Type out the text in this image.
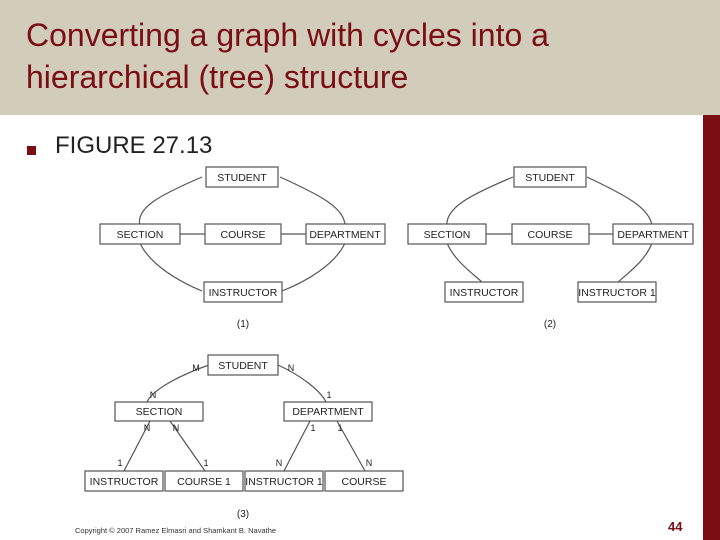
Converting a graph with cycles into a hierarchical (tree) structure
FIGURE 27.13
STUDENT
SECTION	COURSE	DEPARTMENT
INSTRUCTOR
(1)
STUDENT
SECTION	COURSE	DEPARTMENT
INSTRUCTOR	INSTRUCTOR 1
(2)
STUDENT
SECTION	DEPARTMENT
INSTRUCTOR COURSE 1 INSTRUCTOR 1 COURSE
M	N
N	1
N	N	1 1
1	1	N	N
(3)
Copyright © 2007 Ramez Elmasri and Shamkant B. Navathe	44
